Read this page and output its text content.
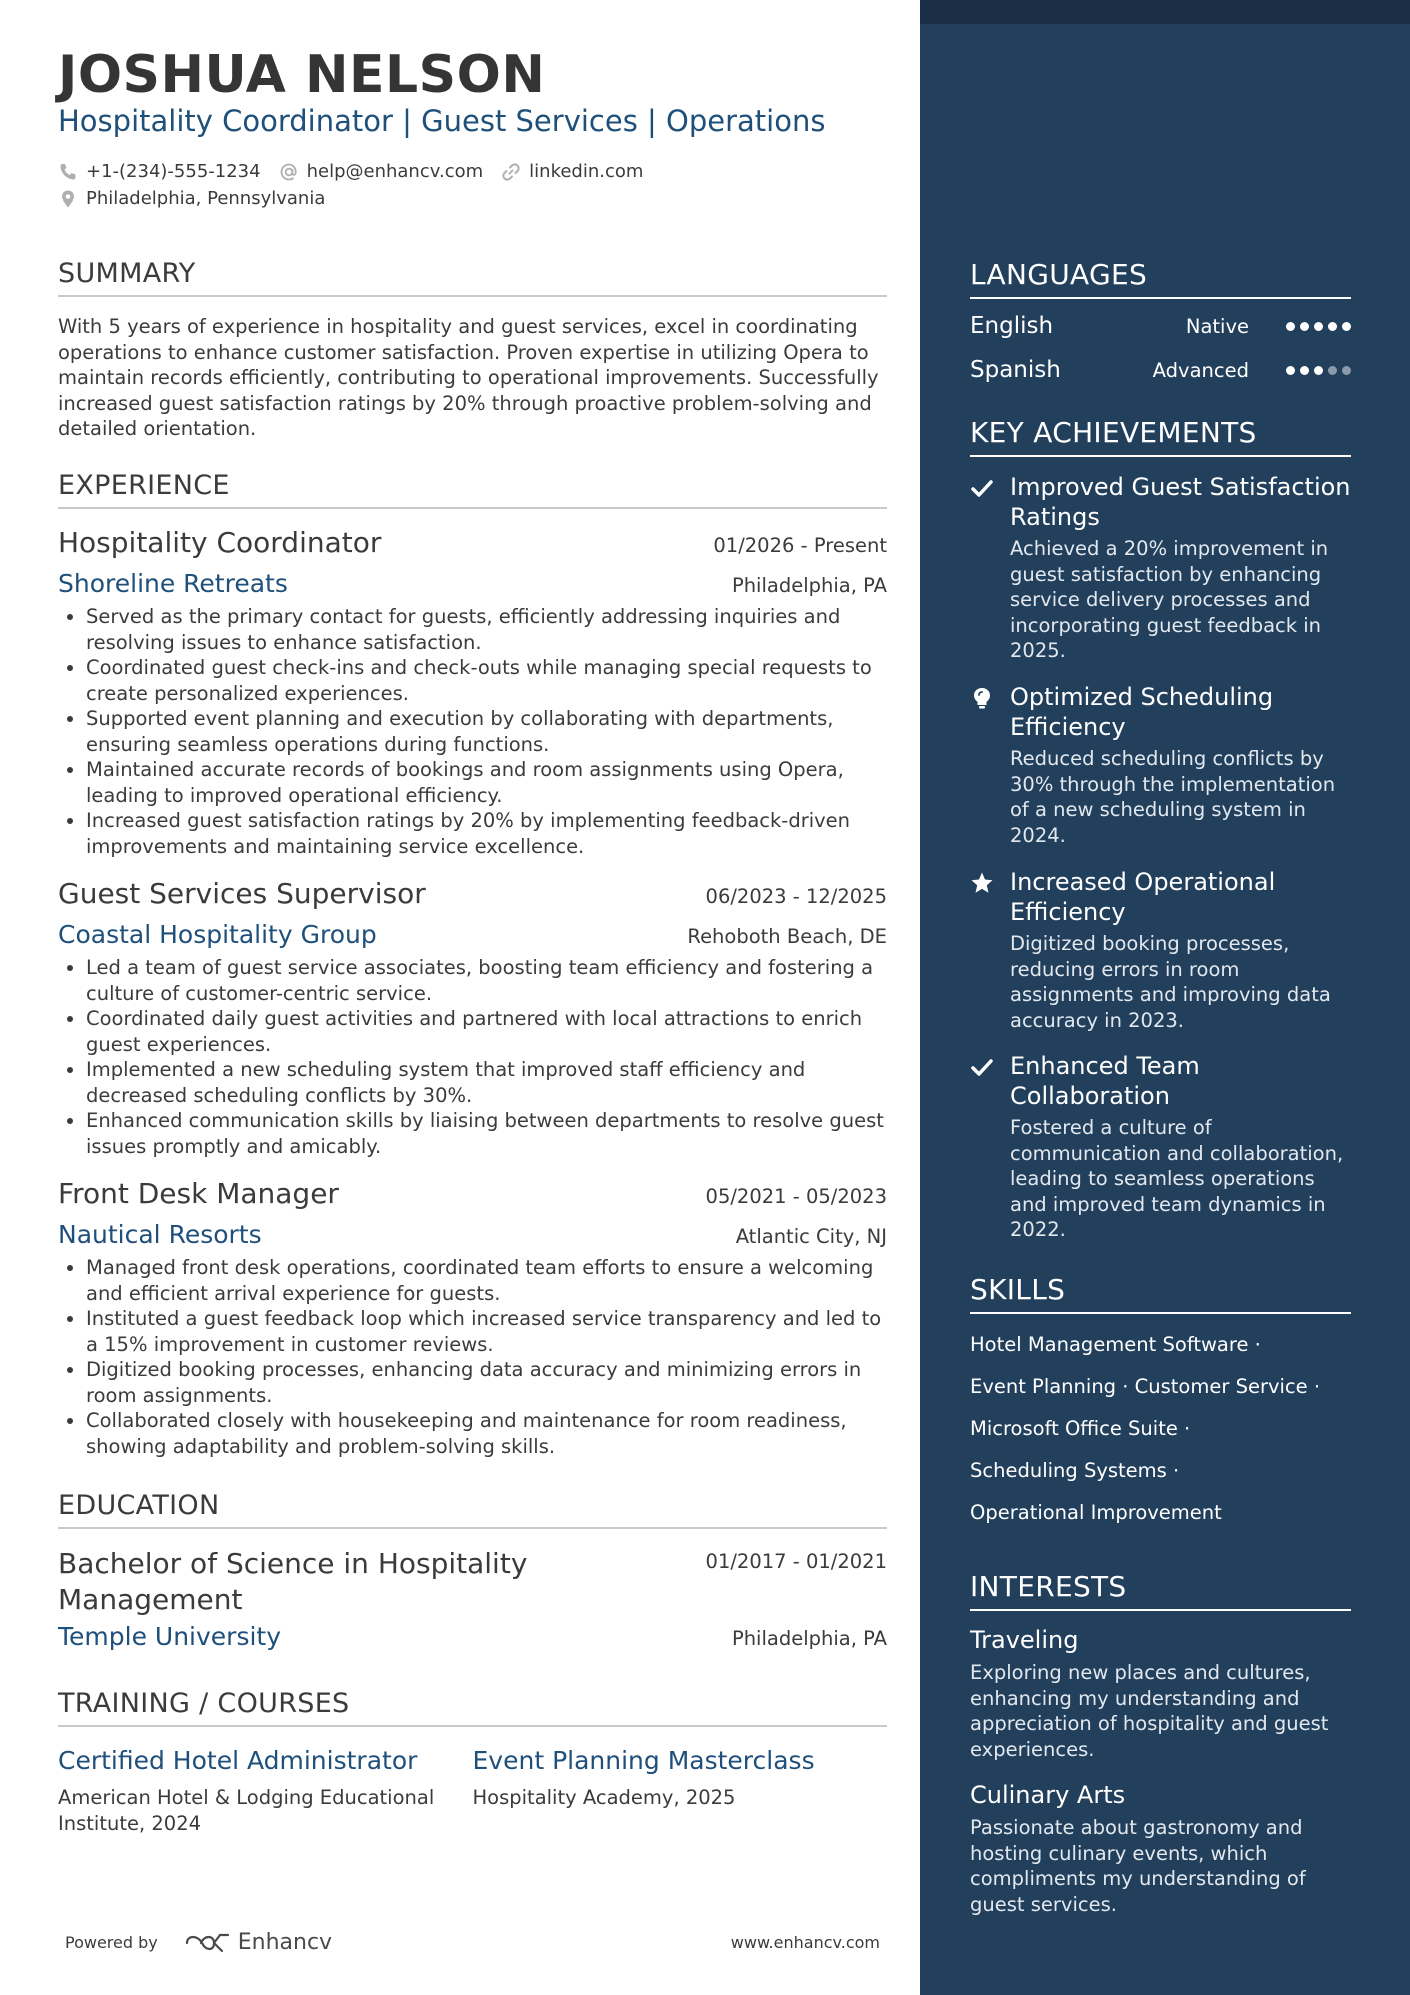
JOSHUA NELSON
Hospitality Coordinator | Guest Services | Operations
+1-(234)-555-1234	help@enhancv.com	linkedin.com
Philadelphia, Pennsylvania
SUMMARY
With 5 years of experience in hospitality and guest services, excel in coordinating operations to enhance customer satisfaction. Proven expertise in utilizing Opera to maintain records efficiently, contributing to operational improvements. Successfully increased guest satisfaction ratings by 20% through proactive problem-solving and detailed orientation.
EXPERIENCE
Hospitality Coordinator	01/2026 - Present
Shoreline Retreats	Philadelphia, PA
• Served as the primary contact for guests, efficiently addressing inquiries and resolving issues to enhance satisfaction.
• Coordinated guest check-ins and check-outs while managing special requests to create personalized experiences.
• Supported event planning and execution by collaborating with departments, ensuring seamless operations during functions.
• Maintained accurate records of bookings and room assignments using Opera, leading to improved operational efficiency.
• Increased guest satisfaction ratings by 20% by implementing feedback-driven improvements and maintaining service excellence.
Guest Services Supervisor	06/2023 - 12/2025
Coastal Hospitality Group	Rehoboth Beach, DE
• Led a team of guest service associates, boosting team efficiency and fostering a culture of customer-centric service.
• Coordinated daily guest activities and partnered with local attractions to enrich guest experiences.
• Implemented a new scheduling system that improved staff efficiency and decreased scheduling conflicts by 30%.
• Enhanced communication skills by liaising between departments to resolve guest issues promptly and amicably.
Front Desk Manager	05/2021 - 05/2023
Nautical Resorts	Atlantic City, NJ
• Managed front desk operations, coordinated team efforts to ensure a welcoming and efficient arrival experience for guests.
• Instituted a guest feedback loop which increased service transparency and led to a 15% improvement in customer reviews.
• Digitized booking processes, enhancing data accuracy and minimizing errors in room assignments.
• Collaborated closely with housekeeping and maintenance for room readiness, showing adaptability and problem-solving skills.
EDUCATION
Bachelor of Science in Hospitality Management
01/2017 - 01/2021
Temple University	Philadelphia, PA
TRAINING / COURSES
Certified Hotel Administrator
American Hotel & Lodging Educational Institute, 2024
Event Planning Masterclass
Hospitality Academy, 2025
Powered by	Enhancv	www.enhancv.com
LANGUAGES
English	Native
Spanish	Advanced
KEY ACHIEVEMENTS
Improved Guest Satisfaction Ratings
Achieved a 20% improvement in guest satisfaction by enhancing service delivery processes and incorporating guest feedback in 2025.
Optimized Scheduling Efficiency
Reduced scheduling conflicts by 30% through the implementation of a new scheduling system in 2024.
Increased Operational Efficiency
Digitized booking processes, reducing errors in room assignments and improving data accuracy in 2023.
Enhanced Team Collaboration
Fostered a culture of communication and collaboration, leading to seamless operations and improved team dynamics in 2022.
SKILLS
Hotel Management Software ·
Event Planning · Customer Service ·
Microsoft Office Suite ·
Scheduling Systems ·
Operational Improvement
INTERESTS
Traveling
Exploring new places and cultures, enhancing my understanding and appreciation of hospitality and guest experiences.
Culinary Arts
Passionate about gastronomy and hosting culinary events, which compliments my understanding of guest services.
